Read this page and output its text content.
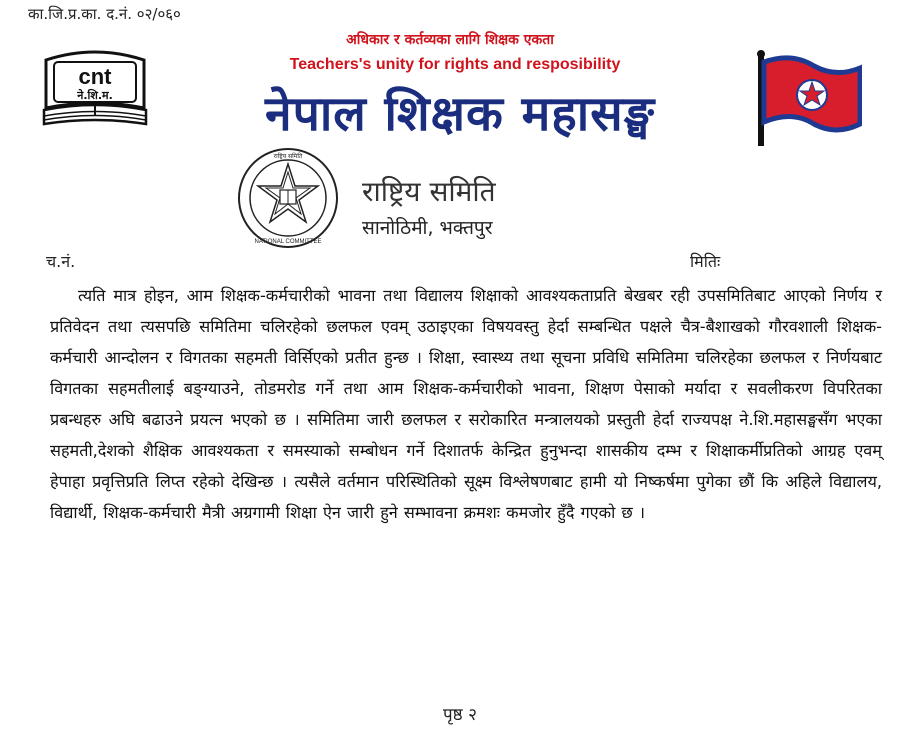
का.जि.प्र.का. द.नं. ०२/०६०
cnt
ने.शि.म.
अधिकार र कर्तव्यका लागि शिक्षक एकता
Teachers's unity for rights and resposibility
नेपाल शिक्षक महासङ्घ
राष्ट्रिय समिति
NATIONAL COMMITTEE
राष्ट्रिय समिति
सानोठिमी, भक्तपुर
च.नं.	मितिः

त्यति मात्र होइन, आम शिक्षक-कर्मचारीको भावना तथा विद्यालय शिक्षाको आवश्यकताप्रति बेखबर रही उपसमितिबाट आएको निर्णय र प्रतिवेदन तथा त्यसपछि समितिमा चलिरहेको छलफल एवम् उठाइएका विषयवस्तु हेर्दा सम्बन्धित पक्षले चैत्र-बैशाखको गौरवशाली शिक्षक-कर्मचारी आन्दोलन र विगतका सहमती विर्सिएको प्रतीत हुन्छ । शिक्षा, स्वास्थ्य तथा सूचना प्रविधि समितिमा चलिरहेका छलफल र निर्णयबाट विगतका सहमतीलाई बङ्ग्याउने, तोडमरोड गर्ने तथा आम शिक्षक-कर्मचारीको भावना, शिक्षण पेसाको मर्यादा र सवलीकरण विपरितका प्रबन्धहरु अघि बढाउने प्रयत्न भएको छ । समितिमा जारी छलफल र सरोकारित मन्त्रालयको प्रस्तुती हेर्दा राज्यपक्ष ने.शि.महासङ्घसँग भएका सहमती,देशको शैक्षिक आवश्यकता र समस्याको सम्बोधन गर्ने दिशातर्फ केन्द्रित हुनुभन्दा शासकीय दम्भ र शिक्षाकर्मीप्रतिको आग्रह एवम् हेपाहा प्रवृत्तिप्रति लिप्त रहेको देखिन्छ । त्यसैले वर्तमान परिस्थितिको सूक्ष्म विश्लेषणबाट हामी यो निष्कर्षमा पुगेका छौं कि अहिले विद्यालय, विद्यार्थी, शिक्षक-कर्मचारी मैत्री अग्रगामी शिक्षा ऐन जारी हुने सम्भावना क्रमशः कमजोर हुँदै गएको छ ।

पृष्ठ २
